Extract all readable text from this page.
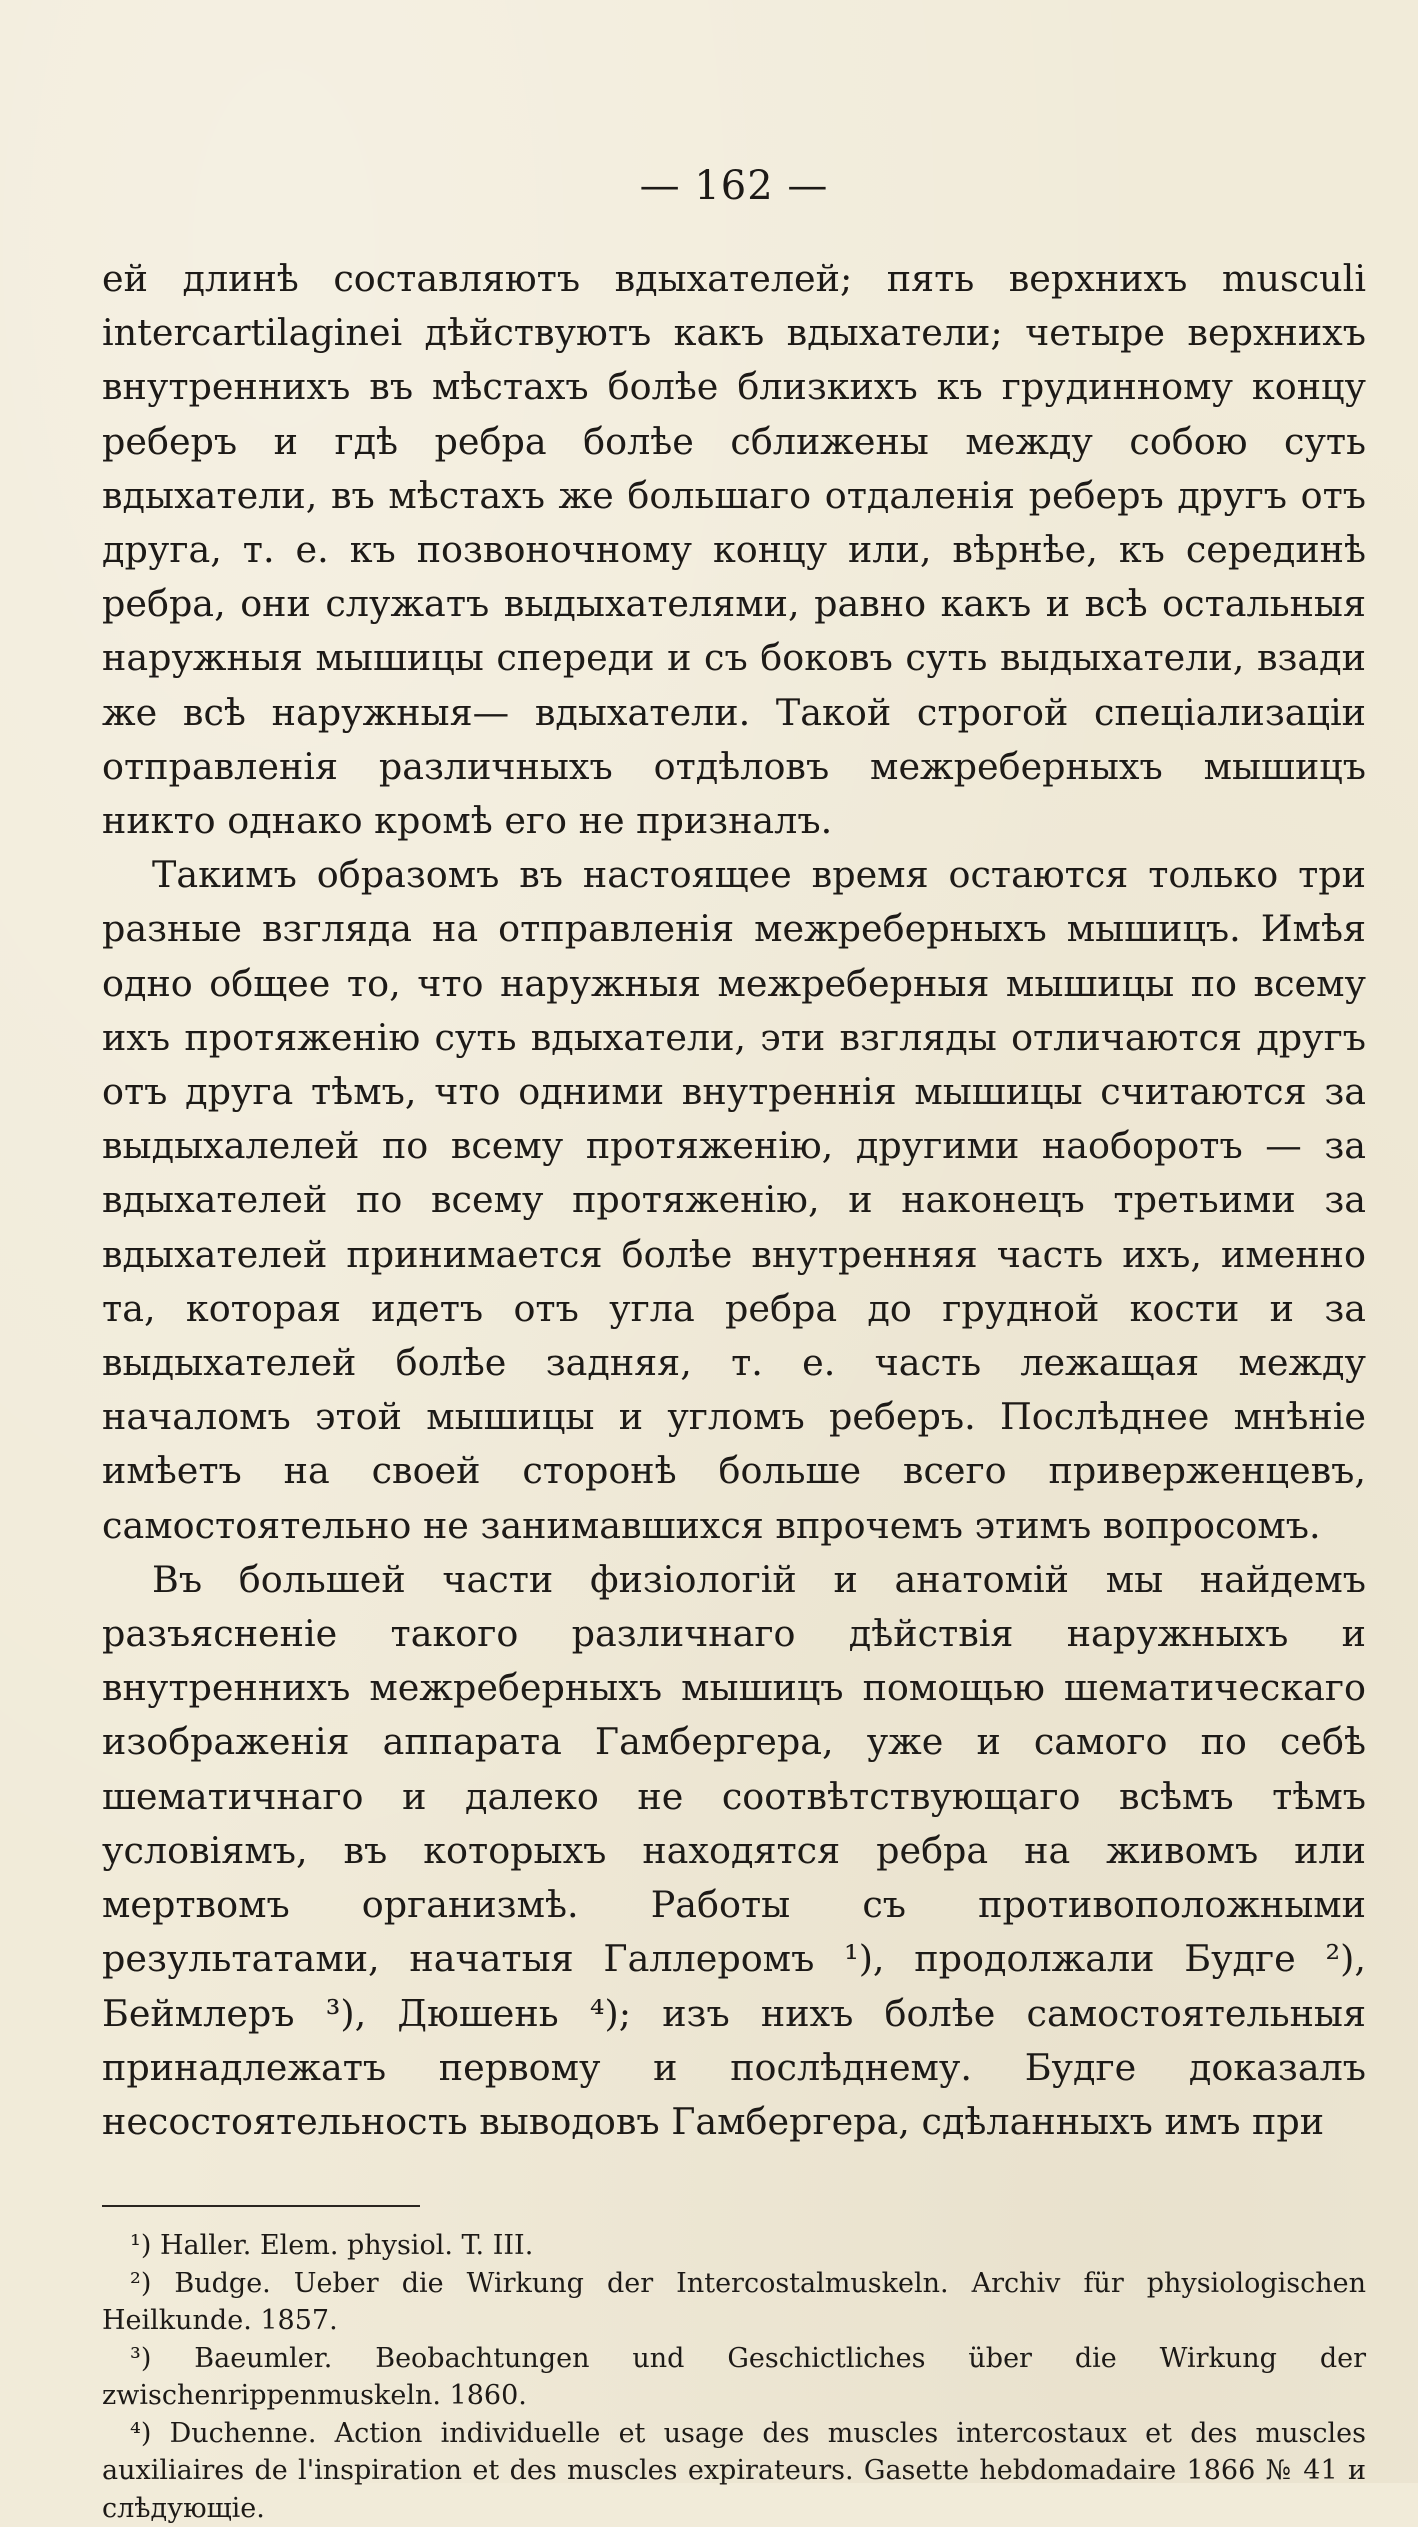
— 162 —

ей длинѣ составляютъ вдыхателей; пять верхнихъ musculi intercartilaginei дѣйствуютъ какъ вдыхатели; четыре верхнихъ внутреннихъ въ мѣстахъ болѣе близкихъ къ грудинному концу реберъ и гдѣ ребра болѣе сближены между собою суть вдыхатели, въ мѣстахъ же большаго отдаленія реберъ другъ отъ друга, т. е. къ позвоночному концу или, вѣрнѣе, къ серединѣ ребра, они служатъ выдыхателями, равно какъ и всѣ остальныя наружныя мышицы спереди и съ боковъ суть выдыхатели, взади же всѣ наружныя— вдыхатели. Такой строгой спеціализаціи отправленія различныхъ отдѣловъ межреберныхъ мышицъ никто однако кромѣ его не призналъ.

Такимъ образомъ въ настоящее время остаются только три разные взгляда на отправленія межреберныхъ мышицъ. Имѣя одно общее то, что наружныя межреберныя мышицы по всему ихъ протяженію суть вдыхатели, эти взгляды отличаются другъ отъ друга тѣмъ, что одними внутреннія мышицы считаются за выдыхалелей по всему протяженію, другими наоборотъ — за вдыхателей по всему протяженію, и наконецъ третьими за вдыхателей принимается болѣе внутренняя часть ихъ, именно та, которая идетъ отъ угла ребра до грудной кости и за выдыхателей болѣе задняя, т. е. часть лежащая между началомъ этой мышицы и угломъ реберъ. Послѣднее мнѣніе имѣетъ на своей сторонѣ больше всего приверженцевъ, самостоятельно не занимавшихся впрочемъ этимъ вопросомъ.

Въ большей части физіологій и анатомій мы найдемъ разъясненіе такого различнаго дѣйствія наружныхъ и внутреннихъ межреберныхъ мышицъ помощью шематическаго изображенія аппарата Гамбергера, уже и самого по себѣ шематичнаго и далеко не соотвѣтствующаго всѣмъ тѣмъ условіямъ, въ которыхъ находятся ребра на живомъ или мертвомъ организмѣ. Работы съ противоположными результатами, начатыя Галлеромъ ¹), продолжали Будге ²), Беймлеръ ³), Дюшень ⁴); изъ нихъ болѣе самостоятельныя принадлежатъ первому и послѣднему. Будге доказалъ несостоятельность выводовъ Гамбергера, сдѣланныхъ имъ при

¹) Haller. Elem. physiol. T. III.

²) Budge. Ueber die Wirkung der Intercostalmuskeln. Archiv für physiologischen Heilkunde. 1857.

³) Baeumler. Beobachtungen und Geschictliches über die Wirkung der zwischenrippenmuskeln. 1860.

⁴) Duchenne. Action individuelle et usage des muscles intercostaux et des muscles auxiliaires de l'inspiration et des muscles expirateurs. Gasette hebdomadaire 1866 № 41 и слѣдующіе.
